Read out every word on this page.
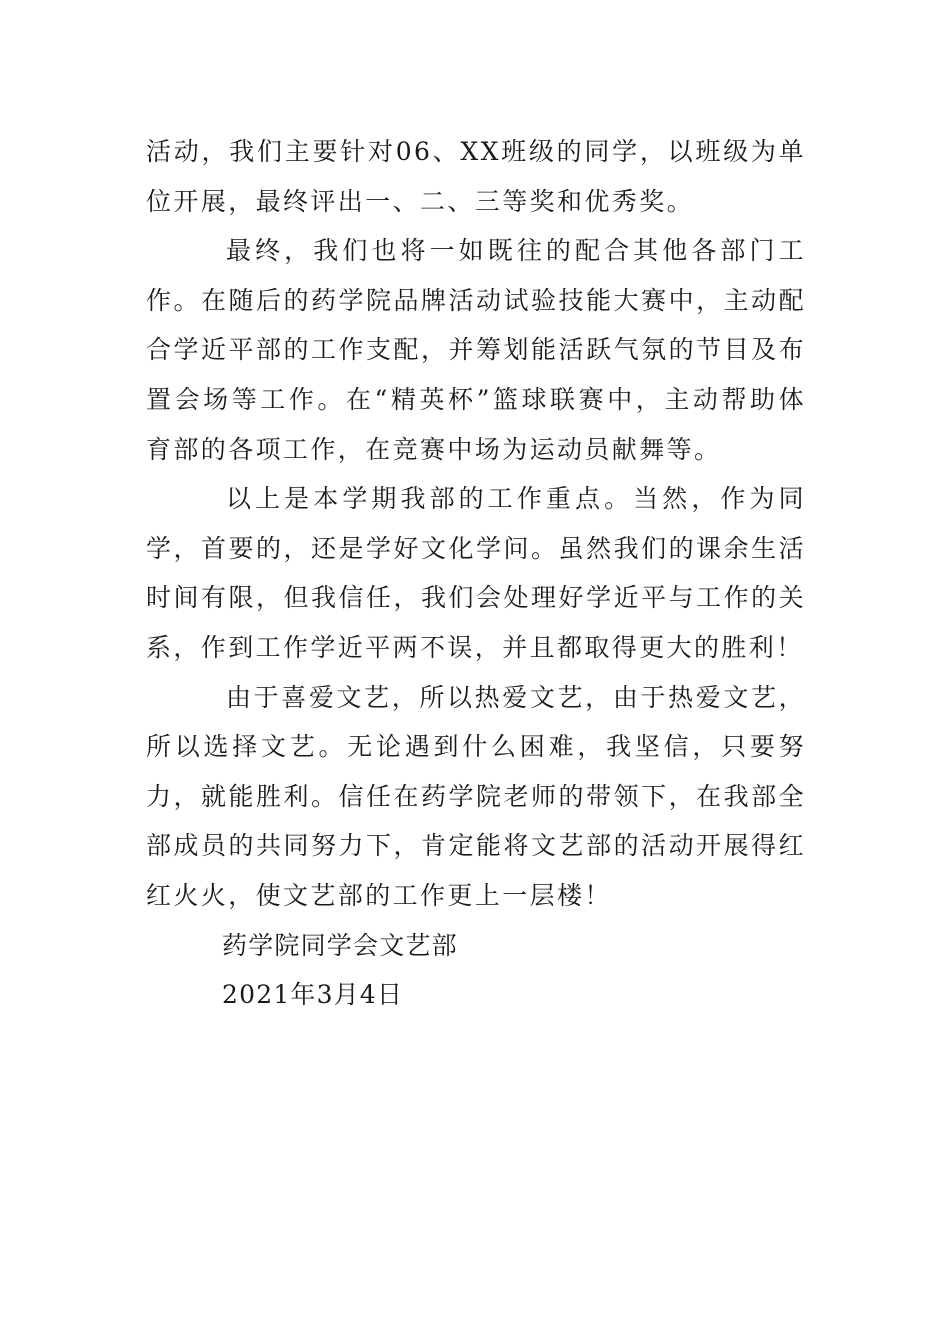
活动，我们主要针对06、XX班级的同学，以班级为单位开展，最终评出一、二、三等奖和优秀奖。

最终，我们也将一如既往的配合其他各部门工作。在随后的药学院品牌活动试验技能大赛中，主动配合学近平部的工作支配，并筹划能活跃气氛的节目及布置会场等工作。在“精英杯”篮球联赛中，主动帮助体育部的各项工作，在竞赛中场为运动员献舞等。

以上是本学期我部的工作重点。当然，作为同学，首要的，还是学好文化学问。虽然我们的课余生活时间有限，但我信任，我们会处理好学近平与工作的关系，作到工作学近平两不误，并且都取得更大的胜利！

由于喜爱文艺，所以热爱文艺，由于热爱文艺，所以选择文艺。无论遇到什么困难，我坚信，只要努力，就能胜利。信任在药学院老师的带领下，在我部全部成员的共同努力下，肯定能将文艺部的活动开展得红红火火，使文艺部的工作更上一层楼！

药学院同学会文艺部

2021年3月4日
